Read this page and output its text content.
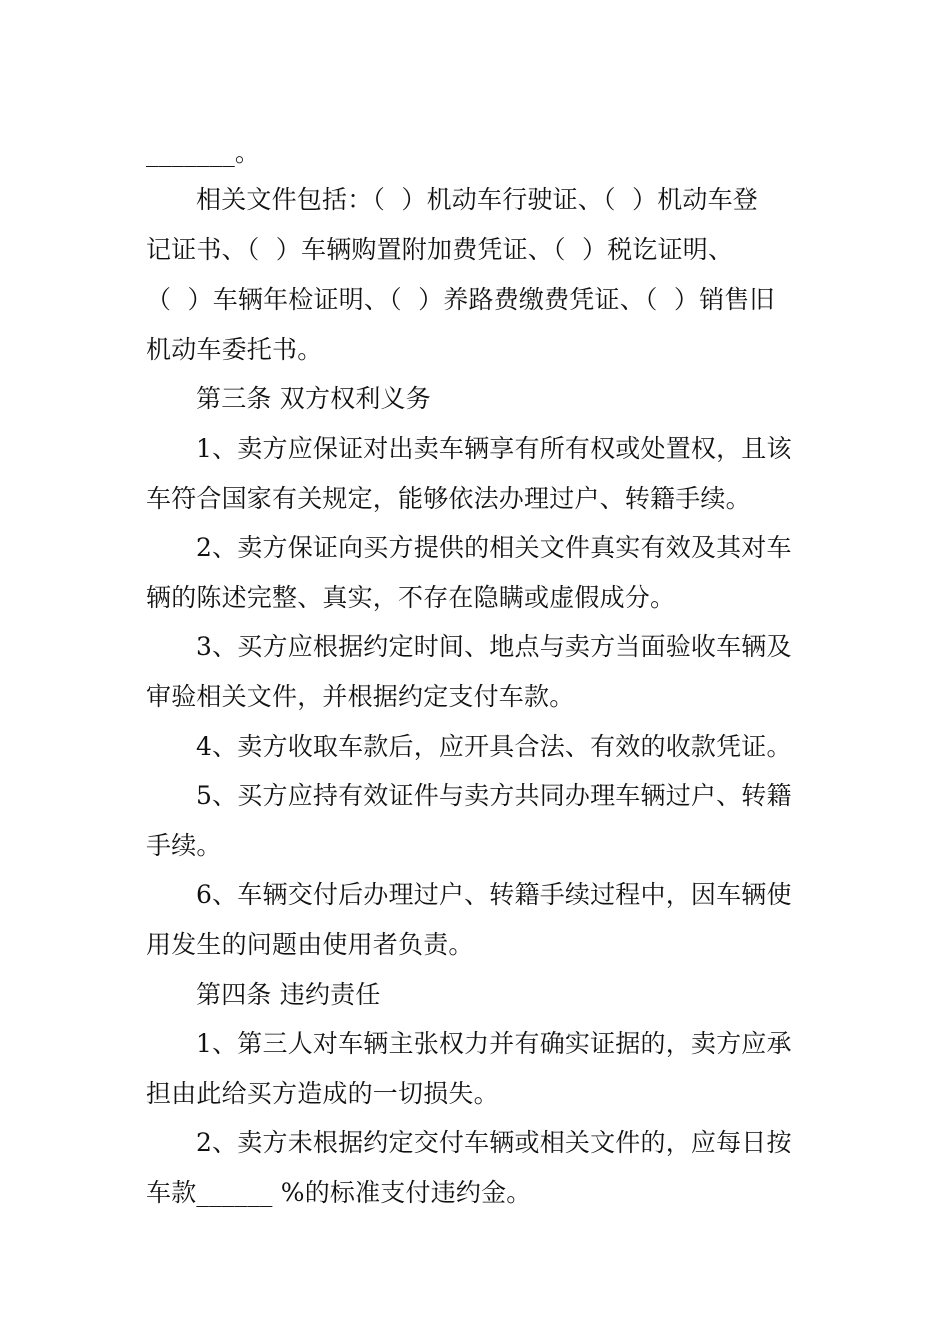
_______。
相关文件包括：（  ）机动车行驶证、（  ）机动车登
记证书、（  ）车辆购置附加费凭证、（  ）税讫证明、
（  ）车辆年检证明、（  ）养路费缴费凭证、（  ）销售旧
机动车委托书。
第三条 双方权利义务
1、卖方应保证对出卖车辆享有所有权或处置权，且该
车符合国家有关规定，能够依法办理过户、转籍手续。
2、卖方保证向买方提供的相关文件真实有效及其对车
辆的陈述完整、真实，不存在隐瞒或虚假成分。
3、买方应根据约定时间、地点与卖方当面验收车辆及
审验相关文件，并根据约定支付车款。
4、卖方收取车款后，应开具合法、有效的收款凭证。
5、买方应持有效证件与卖方共同办理车辆过户、转籍
手续。
6、车辆交付后办理过户、转籍手续过程中，因车辆使
用发生的问题由使用者负责。
第四条 违约责任
1、第三人对车辆主张权力并有确实证据的，卖方应承
担由此给买方造成的一切损失。
2、卖方未根据约定交付车辆或相关文件的，应每日按
车款______ %的标准支付违约金。
